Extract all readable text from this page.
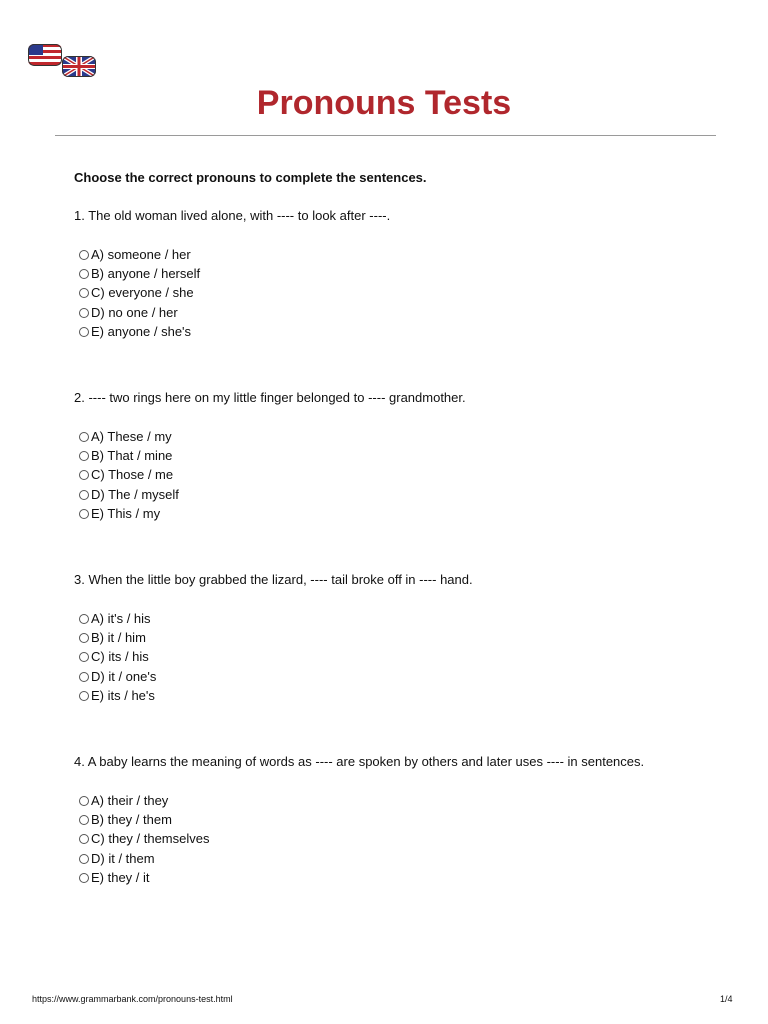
Pronouns Tests

Choose the correct pronouns to complete the sentences.

1. The old woman lived alone, with ---- to look after ----.

A) someone / her
B) anyone / herself
C) everyone / she
D) no one / her
E) anyone / she's

2. ---- two rings here on my little finger belonged to ---- grandmother.

A) These / my
B) That / mine
C) Those / me
D) The / myself
E) This / my

3. When the little boy grabbed the lizard, ---- tail broke off in ---- hand.

A) it's / his
B) it / him
C) its / his
D) it / one's
E) its / he's

4. A baby learns the meaning of words as ---- are spoken by others and later uses ---- in sentences.

A) their / they
B) they / them
C) they / themselves
D) it / them
E) they / it
https://www.grammarbank.com/pronouns-test.html	1/4
